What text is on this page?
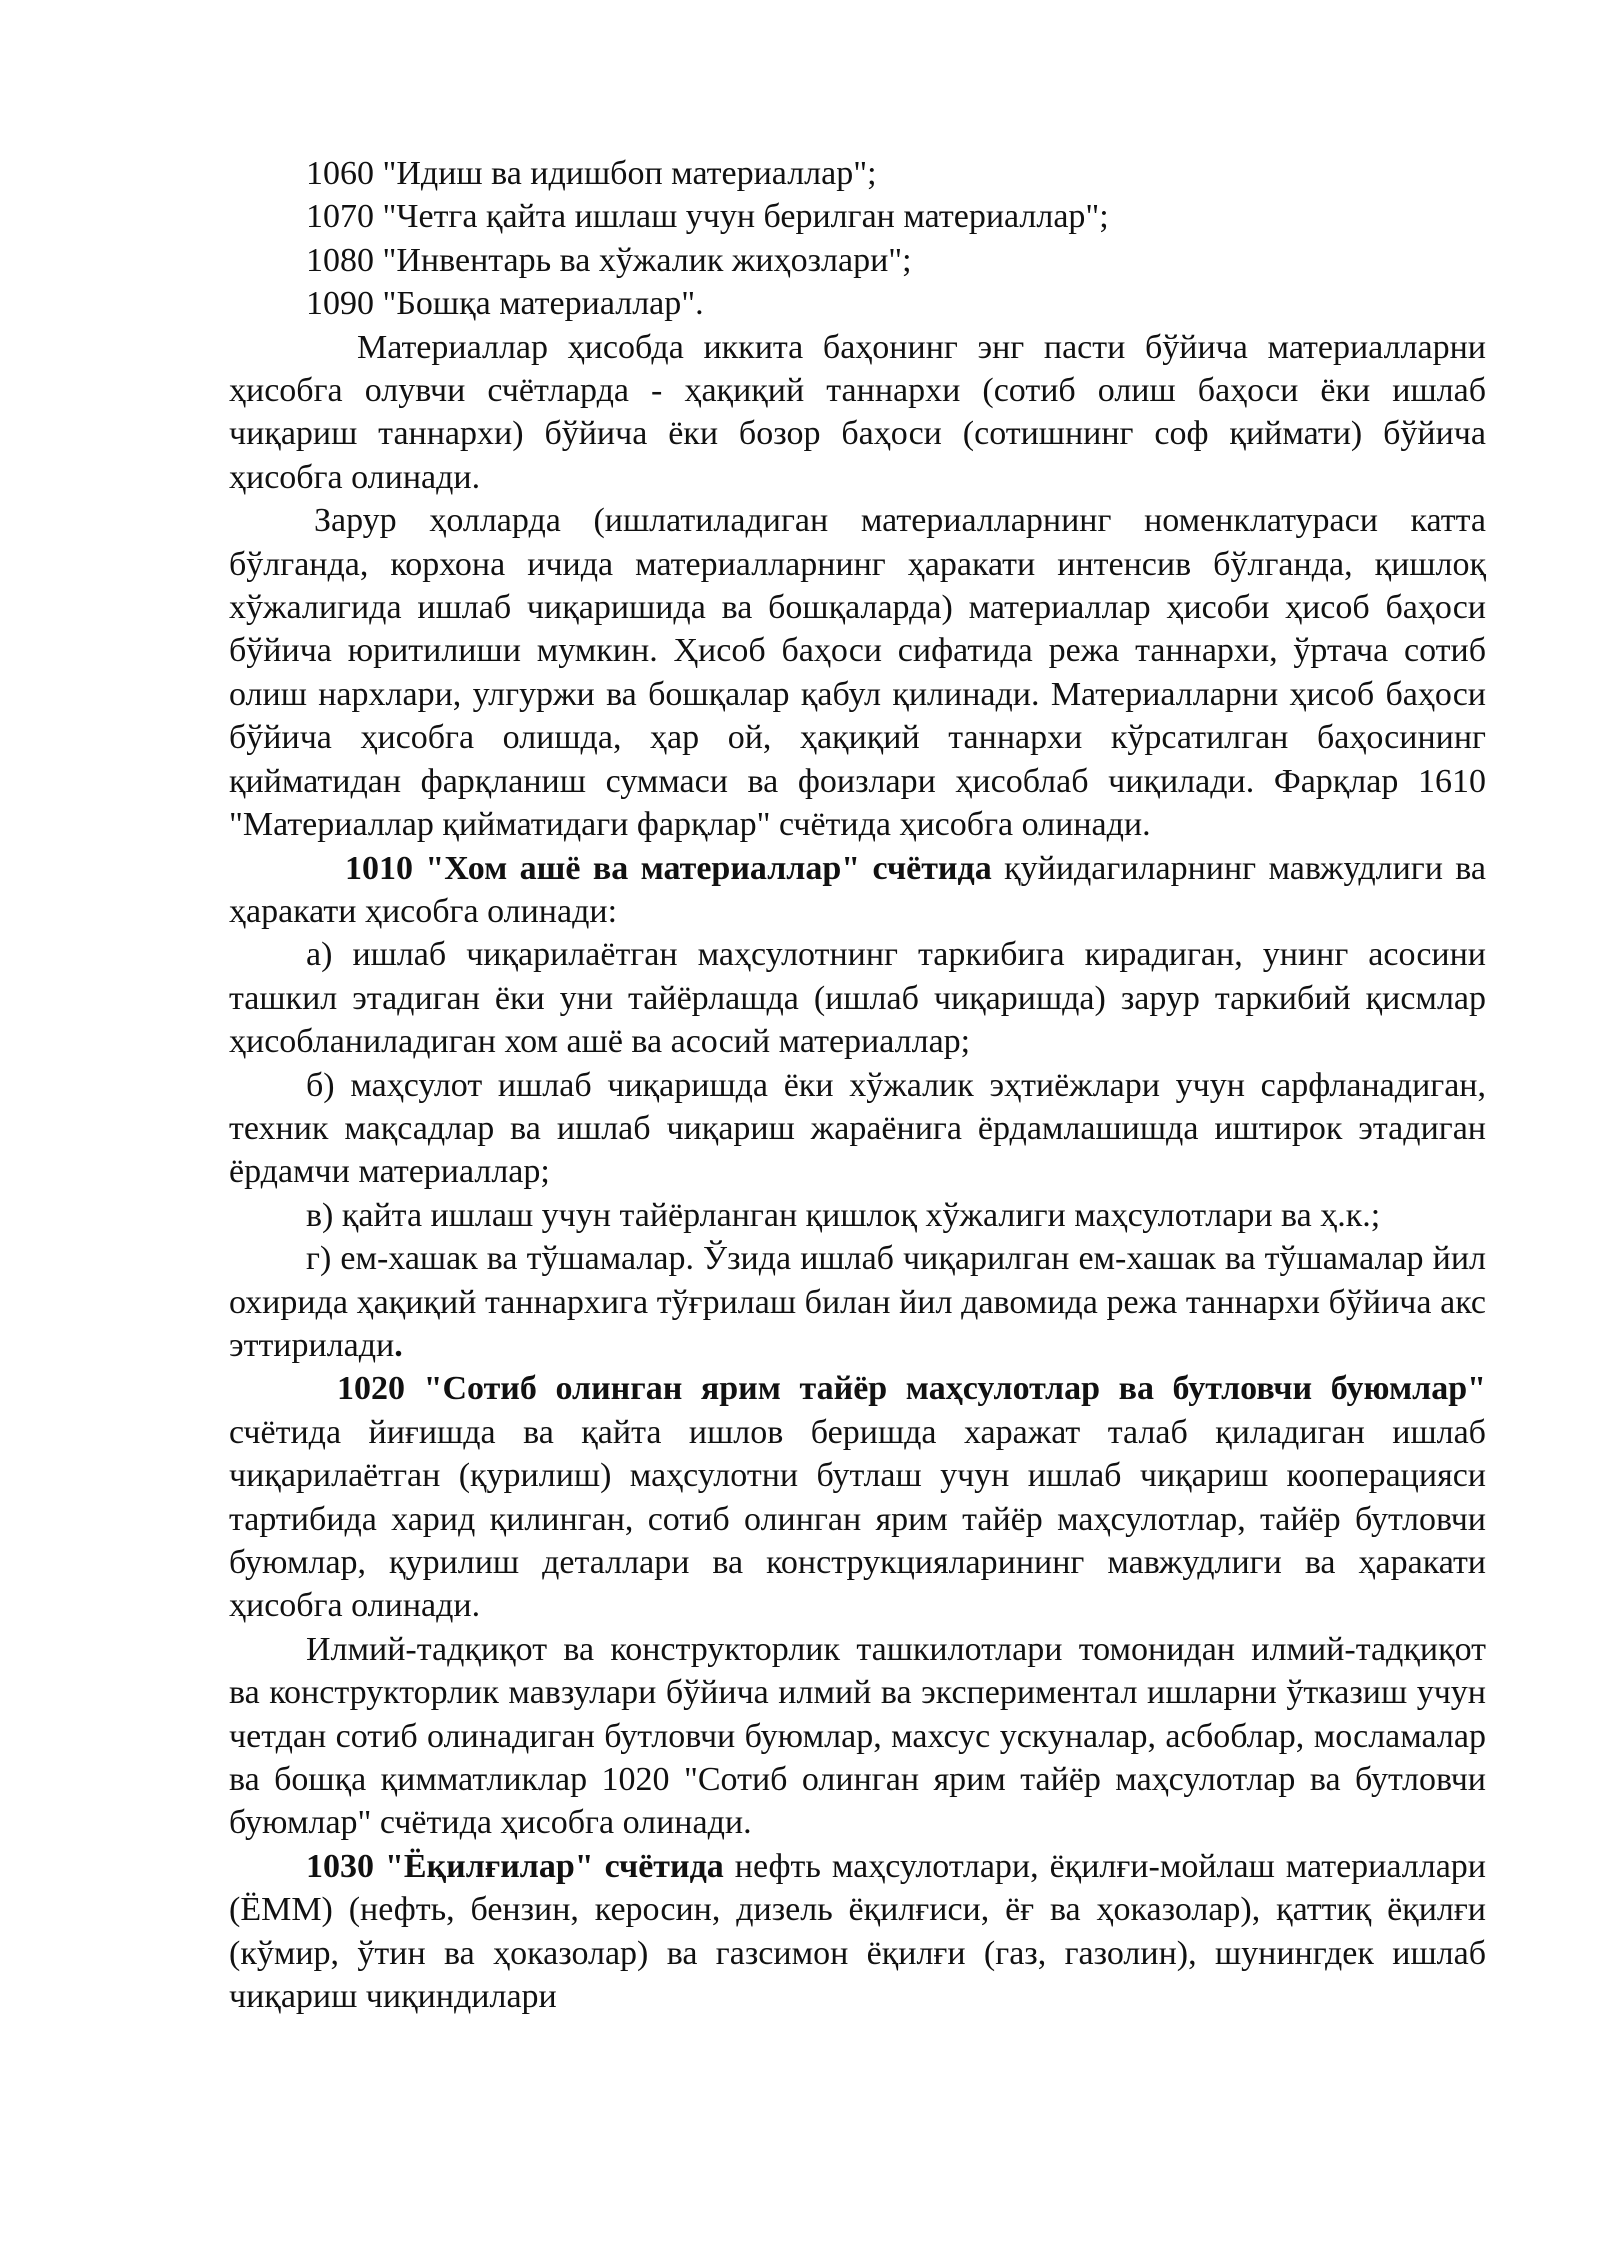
1060 "Идиш ва идишбоп материаллар";

1070 "Четга қайта ишлаш учун берилган материаллар";

1080 "Инвентарь ва хўжалик жиҳозлари";

1090 "Бошқа материаллар".

Материаллар ҳисобда иккита баҳонинг энг пасти бўйича материалларни ҳисобга олувчи счётларда - ҳақиқий таннархи (сотиб олиш баҳоси ёки ишлаб чиқариш таннархи) бўйича ёки бозор баҳоси (сотишнинг соф қиймати) бўйича ҳисобга олинади.

Зарур ҳолларда (ишлатиладиган материалларнинг номенклатураси катта бўлганда, корхона ичида материалларнинг ҳаракати интенсив бўлганда, қишлоқ хўжалигида ишлаб чиқаришида ва бошқаларда) материаллар ҳисоби ҳисоб баҳоси бўйича юритилиши мумкин. Ҳисоб баҳоси сифатида режа таннархи, ўртача сотиб олиш нархлари, улгуржи ва бошқалар қабул қилинади. Материалларни ҳисоб баҳоси бўйича ҳисобга олишда, ҳар ой, ҳақиқий таннархи кўрсатилган баҳосининг қийматидан фарқланиш суммаси ва фоизлари ҳисоблаб чиқилади. Фарқлар 1610 "Материаллар қийматидаги фарқлар" счётида ҳисобга олинади.

1010 "Хом ашё ва материаллар" счётида қуйидагиларнинг мавжудлиги ва ҳаракати ҳисобга олинади:

а) ишлаб чиқарилаётган маҳсулотнинг таркибига кирадиган, унинг асосини ташкил этадиган ёки уни тайёрлашда (ишлаб чиқаришда) зарур таркибий қисмлар ҳисобланиладиган хом ашё ва асосий материаллар;

б) маҳсулот ишлаб чиқаришда ёки хўжалик эҳтиёжлари учун сарфланадиган, техник мақсадлар ва ишлаб чиқариш жараёнига ёрдамлашишда иштирок этадиган ёрдамчи материаллар;

в) қайта ишлаш учун тайёрланган қишлоқ хўжалиги маҳсулотлари ва ҳ.к.;

г) ем-хашак ва тўшамалар. Ўзида ишлаб чиқарилган ем-хашак ва тўшамалар йил охирида ҳақиқий таннархига тўғрилаш билан йил давомида режа таннархи бўйича акс эттирилади.

1020 "Сотиб олинган ярим тайёр маҳсулотлар ва бутловчи буюмлар" счётида йиғишда ва қайта ишлов беришда харажат талаб қиладиган ишлаб чиқарилаётган (қурилиш) маҳсулотни бутлаш учун ишлаб чиқариш кооперацияси тартибида харид қилинган, сотиб олинган ярим тайёр маҳсулотлар, тайёр бутловчи буюмлар, қурилиш деталлари ва конструкцияларининг мавжудлиги ва ҳаракати ҳисобга олинади.

Илмий-тадқиқот ва конструкторлик ташкилотлари томонидан илмий-тадқиқот ва конструкторлик мавзулари бўйича илмий ва экспериментал ишларни ўтказиш учун четдан сотиб олинадиган бутловчи буюмлар, махсус ускуналар, асбоблар, мосламалар ва бошқа қимматликлар 1020 "Сотиб олинган ярим тайёр маҳсулотлар ва бутловчи буюмлар" счётида ҳисобга олинади.

1030 "Ёқилғилар" счётида нефть маҳсулотлари, ёқилғи-мойлаш материаллари (ЁММ) (нефть, бензин, керосин, дизель ёқилғиси, ёғ ва ҳоказолар), қаттиқ ёқилғи (кўмир, ўтин ва ҳоказолар) ва газсимон ёқилғи (газ, газолин), шунингдек ишлаб чиқариш чиқиндилари
